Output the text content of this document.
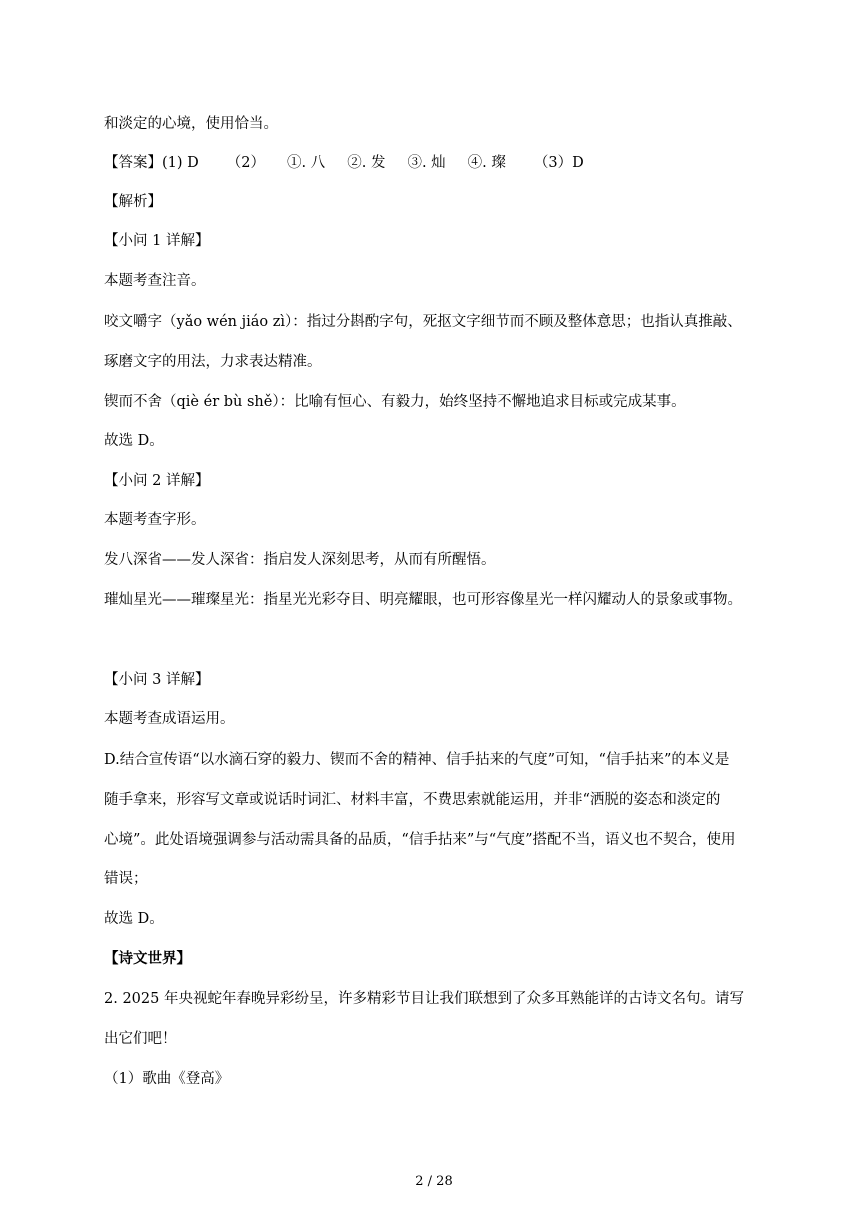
和淡定的心境，使用恰当。
【答案】(1) D （2） ①. 八 ②. 发 ③. 灿 ④. 璨 （3）D
【解析】
【小问 1 详解】
本题考查注音。
咬文嚼字（yǎo wén jiáo zì）：指过分斟酌字句，死抠文字细节而不顾及整体意思；也指认真推敲、
琢磨文字的用法，力求表达精准。
锲而不舍（qiè ér bù shě）：比喻有恒心、有毅力，始终坚持不懈地追求目标或完成某事。
故选 D。
【小问 2 详解】
本题考查字形。
发八深省——发人深省：指启发人深刻思考，从而有所醒悟。
璀灿星光——璀璨星光：指星光光彩夺目、明亮耀眼，也可形容像星光一样闪耀动人的景象或事物。
【小问 3 详解】
本题考查成语运用。
D.结合宣传语“以水滴石穿的毅力、锲而不舍的精神、信手拈来的气度”可知，“信手拈来”的本义是
随手拿来，形容写文章或说话时词汇、材料丰富，不费思索就能运用，并非“洒脱的姿态和淡定的
心境”。此处语境强调参与活动需具备的品质，“信手拈来”与“气度”搭配不当，语义也不契合，使用
错误；
故选 D。
【诗文世界】
2. 2025 年央视蛇年春晚异彩纷呈，许多精彩节目让我们联想到了众多耳熟能详的古诗文名句。请写
出它们吧！
（1）歌曲《登高》
2 / 28
